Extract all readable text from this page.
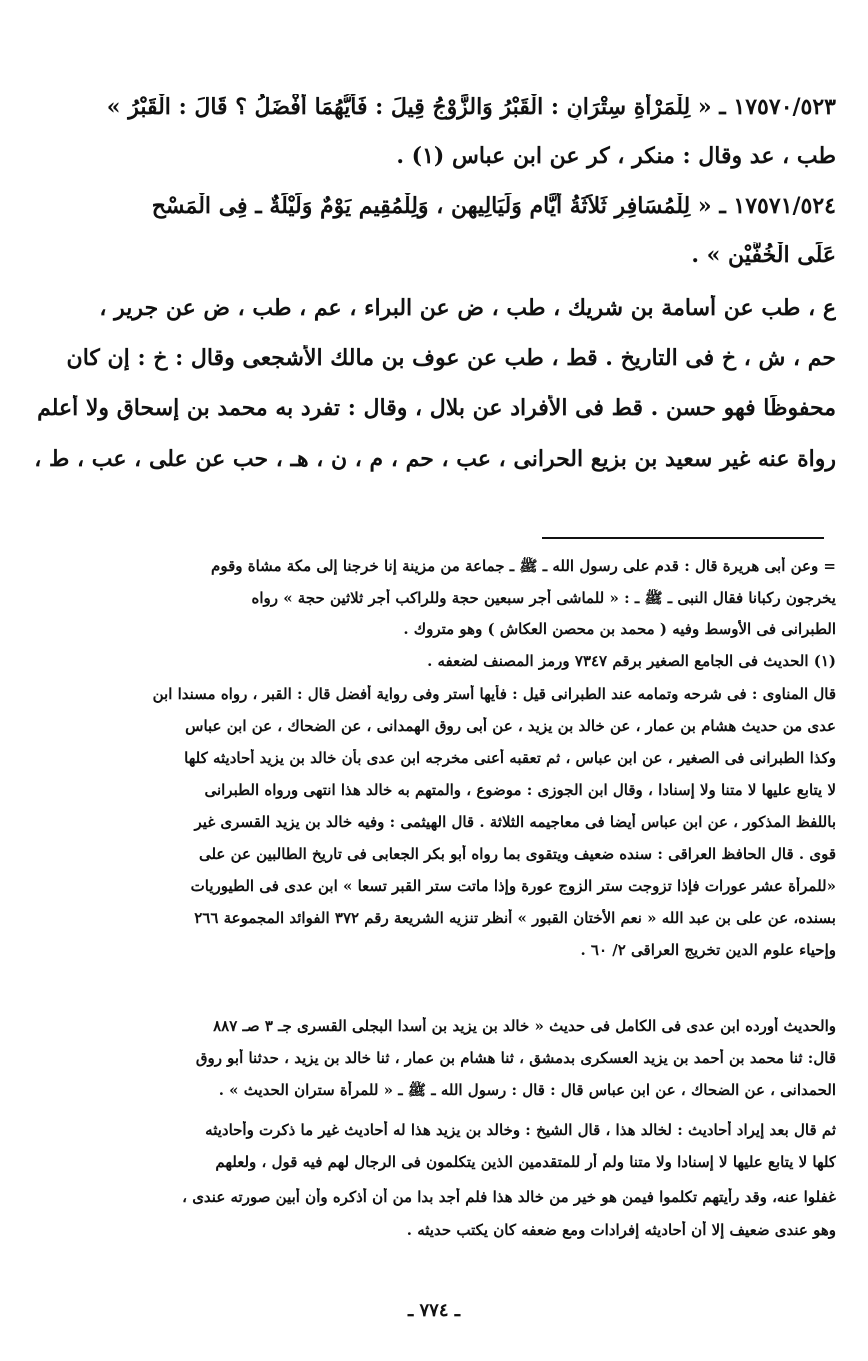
١٧٥٧٠/٥٢٣ ـ « لِلْمَرْأَةِ سِتْرَانِ : الْقَبْرُ وَالزَّوْجُ قِيلَ : فَأَيُّهُمَا أَفْضَلُ ؟ قَالَ : الْقَبْرُ »
طب ، عد وقال : منكر ، كر عن ابن عباس (١) .
١٧٥٧١/٥٢٤ ـ « لِلْمُسَافِرِ ثَلاَثَةُ أَيَّامٍ وَلَيَالِيهِن ، وَلِلْمُقِيمِ يَوْمٌ وَلَيْلَةٌ ـ فِى الْمَسْحِ
عَلَى الْخُفَّيْنِ » .
ع ، طب عن أُسامة بن شريك ، طب ، ض عن البراء ، عم ، طب ، ض عن جرير ،
حم ، ش ، خ فى التاريخ . قط ، طب عن عوف بن مالك الأشجعى وقال : خ : إن كان
محفوظًا فهو حسن . قط فى الأفراد عن بلال ، وقال : تفرد به محمد بن إسحاق ولا أعلم
رواة عنه غير سعيد بن بزيع الحرانى ، عب ، حم ، م ، ن ، هـ ، حب عن على ، عب ، ط ،
= وعن أبى هريرة قال : قدم على رسول الله ـ ﷺ ـ جماعة من مزينة إنا خرجنا إلى مكة مشاة وقوم
يخرجون ركبانا فقال النبى ـ ﷺ ـ : « للماشى أجر سبعين حجة وللراكب أجر ثلاثين حجة » رواه
الطبرانى فى الأوسط وفيه ( محمد بن محصن العكاش ) وهو متروك .
(١) الحديث فى الجامع الصغير برقم ٧٣٤٧ ورمز المصنف لضعفه .
قال المناوى : فى شرحه وتمامه عند الطبرانى قيل : فأيها أستر وفى رواية أفضل قال : القبر ، رواه مسندا ابن
عدى من حديث هشام بن عمار ، عن خالد بن يزيد ، عن أبى روق الهمدانى ، عن الضحاك ، عن ابن عباس
وكذا الطبرانى فى الصغير ، عن ابن عباس ، ثم تعقبه أعنى مخرجه ابن عدى بأن خالد بن يزيد أحاديثه كلها
لا يتابع عليها لا متنا ولا إسنادا ، وقال ابن الجوزى : موضوع ، والمتهم به خالد هذا انتهى ورواه الطبرانى
باللفظ المذكور ، عن ابن عباس أيضا فى معاجيمه الثلاثة . قال الهيثمى : وفيه خالد بن يزيد القسرى غير
قوى . قال الحافظ العراقى : سنده ضعيف ويتقوى بما رواه أبو بكر الجعابى فى تاريخ الطالبين عن على
«للمرأة عشر عورات فإذا تزوجت ستر الزوج عورة وإذا ماتت ستر القبر تسعا » ابن عدى فى الطيوريات
بسنده، عن على بن عبد الله « نعم الأختان القبور » أنظر تنزيه الشريعة رقم ٣٧٢ الفوائد المجموعة ٢٦٦
وإحياء علوم الدين تخريج العراقى ٢/ ٦٠ .
والحديث أورده ابن عدى فى الكامل فى حديث « خالد بن يزيد بن أسدا البجلى القسرى جـ ٣ صـ ٨٨٧
قال: ثنا محمد بن أحمد بن يزيد العسكرى بدمشق ، ثنا هشام بن عمار ، ثنا خالد بن يزيد ، حدثنا أبو روق
الحمدانى ، عن الضحاك ، عن ابن عباس قال : قال : رسول الله ـ ﷺ ـ « للمرأة ستران الحديث » .
ثم قال بعد إيراد أحاديث : لخالد هذا ، قال الشيخ : وخالد بن يزيد هذا له أحاديث غير ما ذكرت وأحاديثه
كلها لا يتابع عليها لا إسنادا ولا متنا ولم أر للمتقدمين الذين يتكلمون فى الرجال لهم فيه قول ، ولعلهم
غفلوا عنه، وقد رأيتهم تكلموا فيمن هو خير من خالد هذا فلم أجد بدا من أن أذكره وأن أبين صورته عندى ،
وهو عندى ضعيف إلا أن أحاديثه إفرادات ومع ضعفه كان يكتب حديثه .
ـ ٧٧٤ ـ
